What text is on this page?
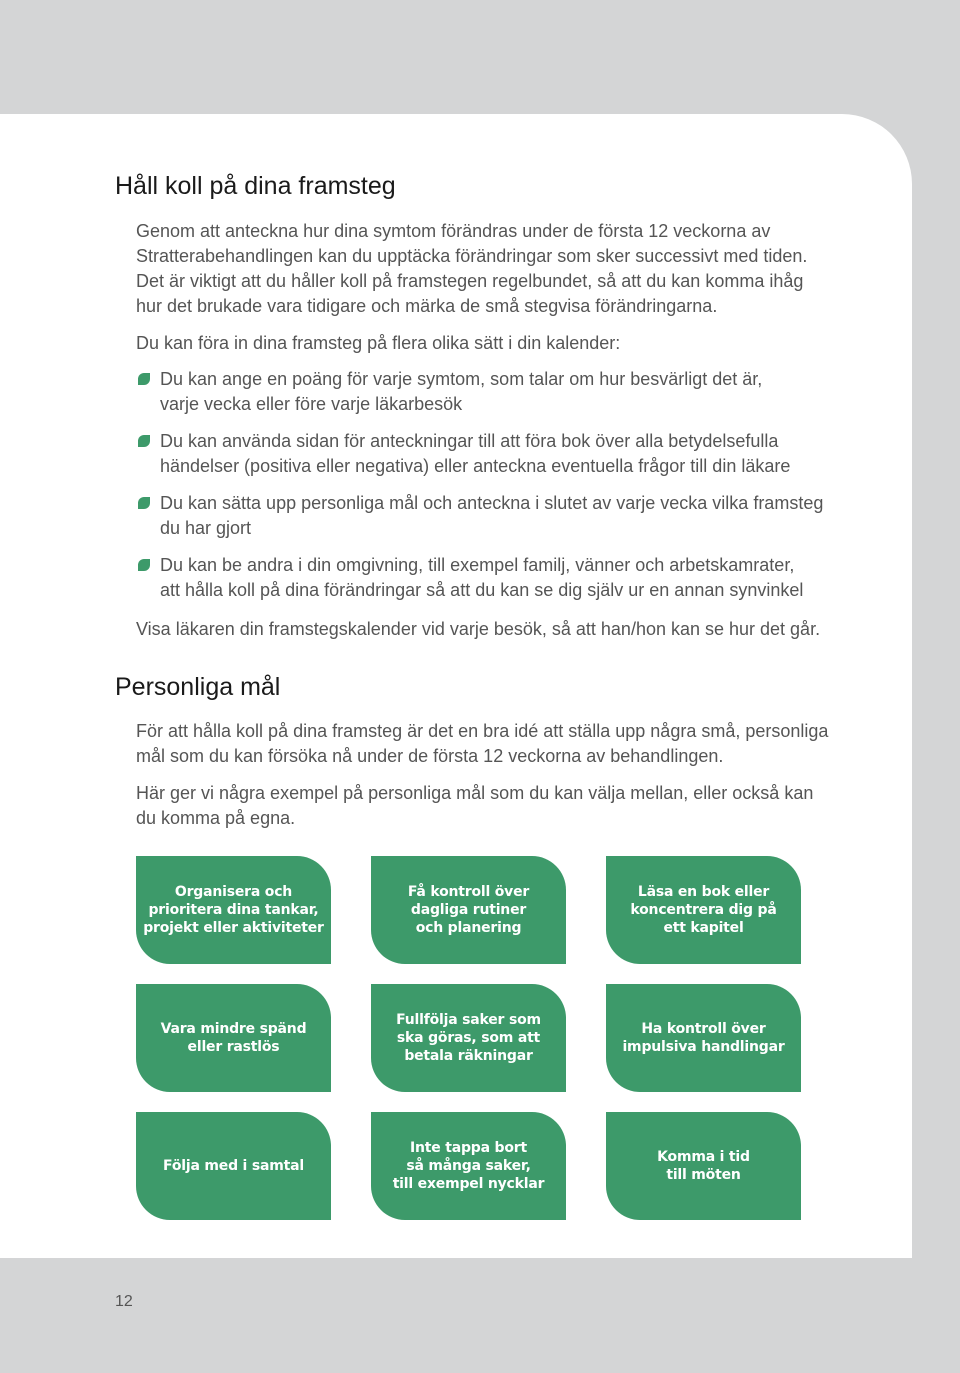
Håll koll på dina framsteg

Genom att anteckna hur dina symtom förändras under de första 12 veckorna av

Stratterabehandlingen kan du upptäcka förändringar som sker successivt med tiden.

Det är viktigt att du håller koll på framstegen regelbundet, så att du kan komma ihåg

hur det brukade vara tidigare och märka de små stegvisa förändringarna.

Du kan föra in dina framsteg på flera olika sätt i din kalender:

Du kan ange en poäng för varje symtom, som talar om hur besvärligt det är,
varje vecka eller före varje läkarbesök
Du kan använda sidan för anteckningar till att föra bok över alla betydelsefulla
händelser (positiva eller negativa) eller anteckna eventuella frågor till din läkare
Du kan sätta upp personliga mål och anteckna i slutet av varje vecka vilka framsteg
du har gjort
Du kan be andra i din omgivning, till exempel familj, vänner och arbetskamrater,
att hålla koll på dina förändringar så att du kan se dig själv ur en annan synvinkel

Visa läkaren din framstegskalender vid varje besök, så att han/hon kan se hur det går.

Personliga mål

För att hålla koll på dina framsteg är det en bra idé att ställa upp några små, personliga

mål som du kan försöka nå under de första 12 veckorna av behandlingen.

Här ger vi några exempel på personliga mål som du kan välja mellan, eller också kan

du komma på egna.

Organisera och
prioritera dina tankar,
projekt eller aktiviteter
Få kontroll över
dagliga rutiner
och planering
Läsa en bok eller
koncentrera dig på
ett kapitel
Vara mindre spänd
eller rastlös
Fullfölja saker som
ska göras, som att
betala räkningar
Ha kontroll över
impulsiva handlingar
Följa med i samtal
Inte tappa bort
så många saker,
till exempel nycklar
Komma i tid
till möten
12
